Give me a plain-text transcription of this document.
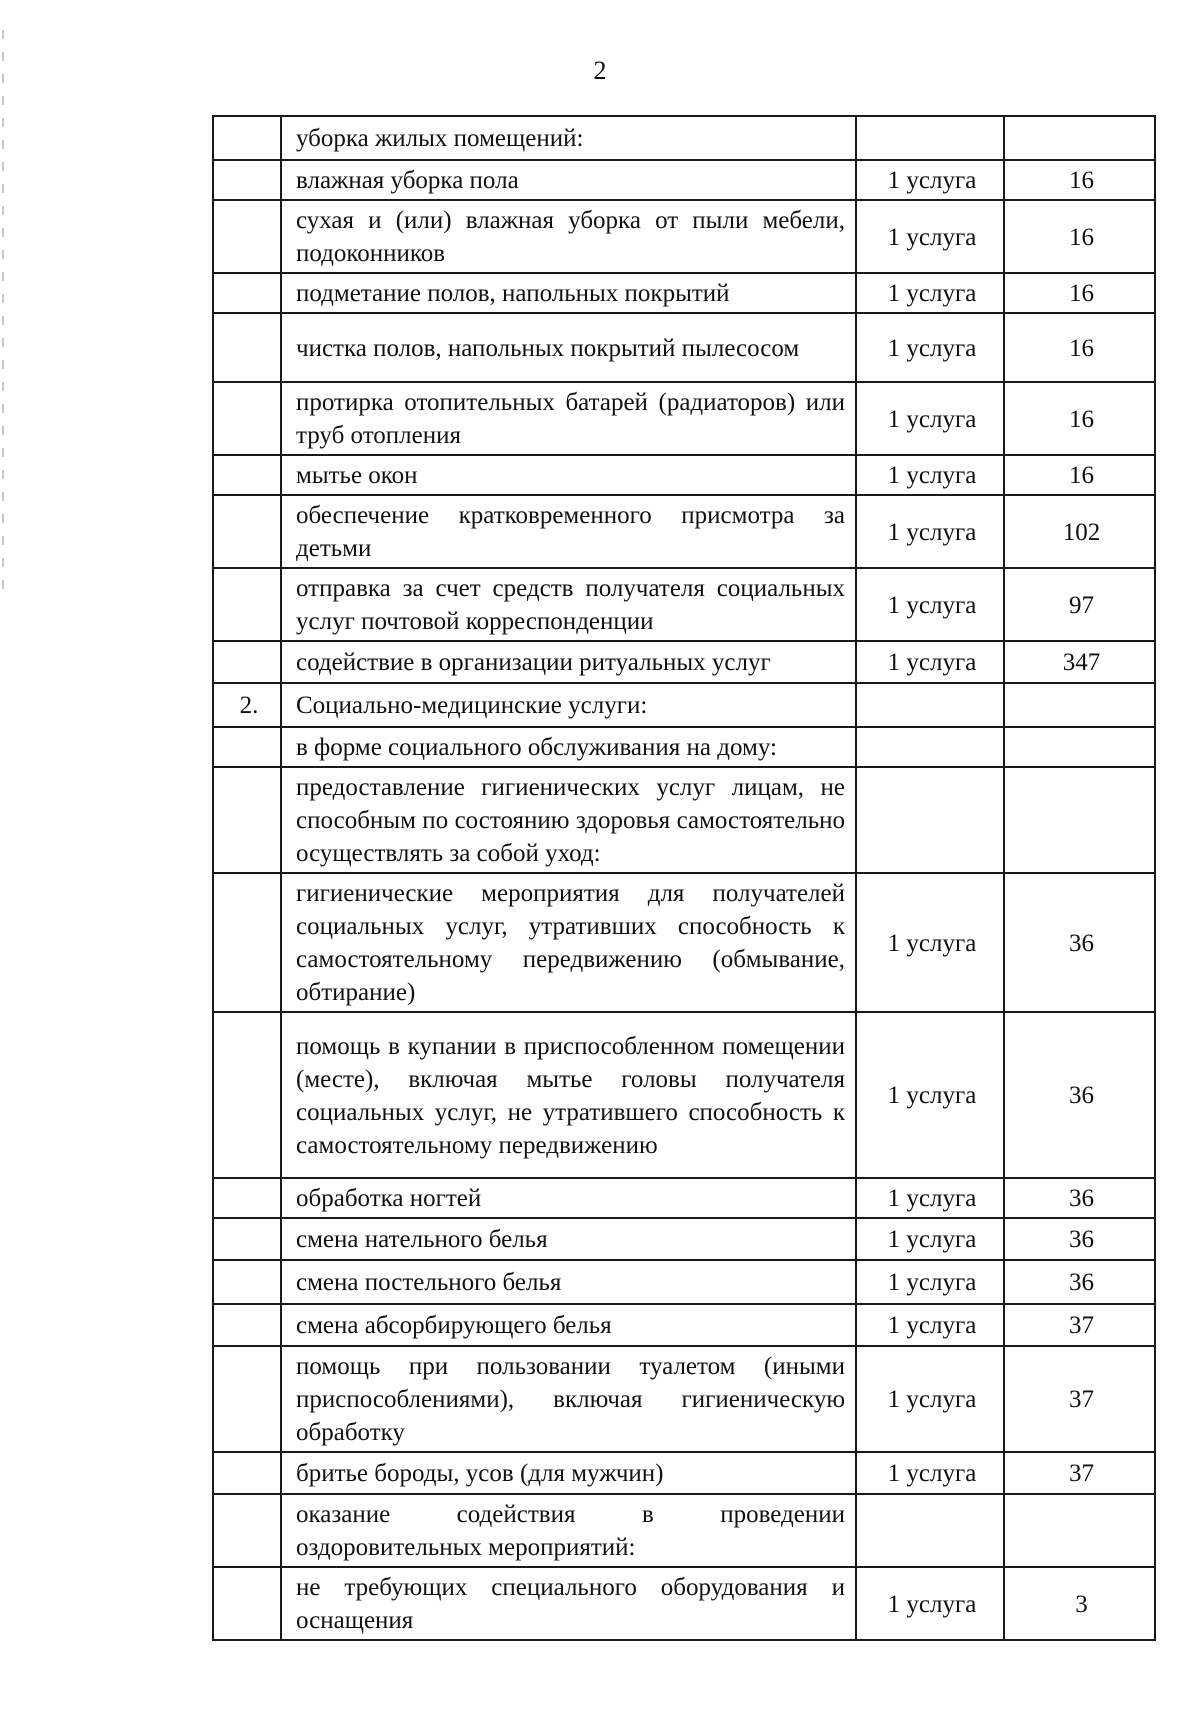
2
	уборка жилых помещений:		
	влажная уборка пола	1 услуга	16
	сухая и (или) влажная уборка от пыли мебели, подоконников	1 услуга	16
	подметание полов, напольных покрытий	1 услуга	16
	чистка полов, напольных покрытий пылесосом	1 услуга	16
	протирка отопительных батарей (радиаторов) или труб отопления	1 услуга	16
	мытье окон	1 услуга	16
	обеспечение кратковременного присмотра за детьми	1 услуга	102
	отправка за счет средств получателя социальных услуг почтовой корреспонденции	1 услуга	97
	содействие в организации ритуальных услуг	1 услуга	347
2.	Социально-медицинские услуги:		
	в форме социального обслуживания на дому:		
	предоставление гигиенических услуг лицам, не способным по состоянию здоровья самостоятельно осуществлять за собой уход:		
	гигиенические мероприятия для получателей социальных услуг, утративших способность к самостоятельному передвижению (обмывание, обтирание)	1 услуга	36
	помощь в купании в приспособленном помещении (месте), включая мытье головы получателя социальных услуг, не утратившего способность к самостоятельному передвижению	1 услуга	36
	обработка ногтей	1 услуга	36
	смена нательного белья	1 услуга	36
	смена постельного белья	1 услуга	36
	смена абсорбирующего белья	1 услуга	37
	помощь при пользовании туалетом (иными приспособлениями), включая гигиеническую обработку	1 услуга	37
	бритье бороды, усов (для мужчин)	1 услуга	37
	оказание содействия в проведении оздоровительных мероприятий:		
	не требующих специального оборудования и оснащения	1 услуга	3
